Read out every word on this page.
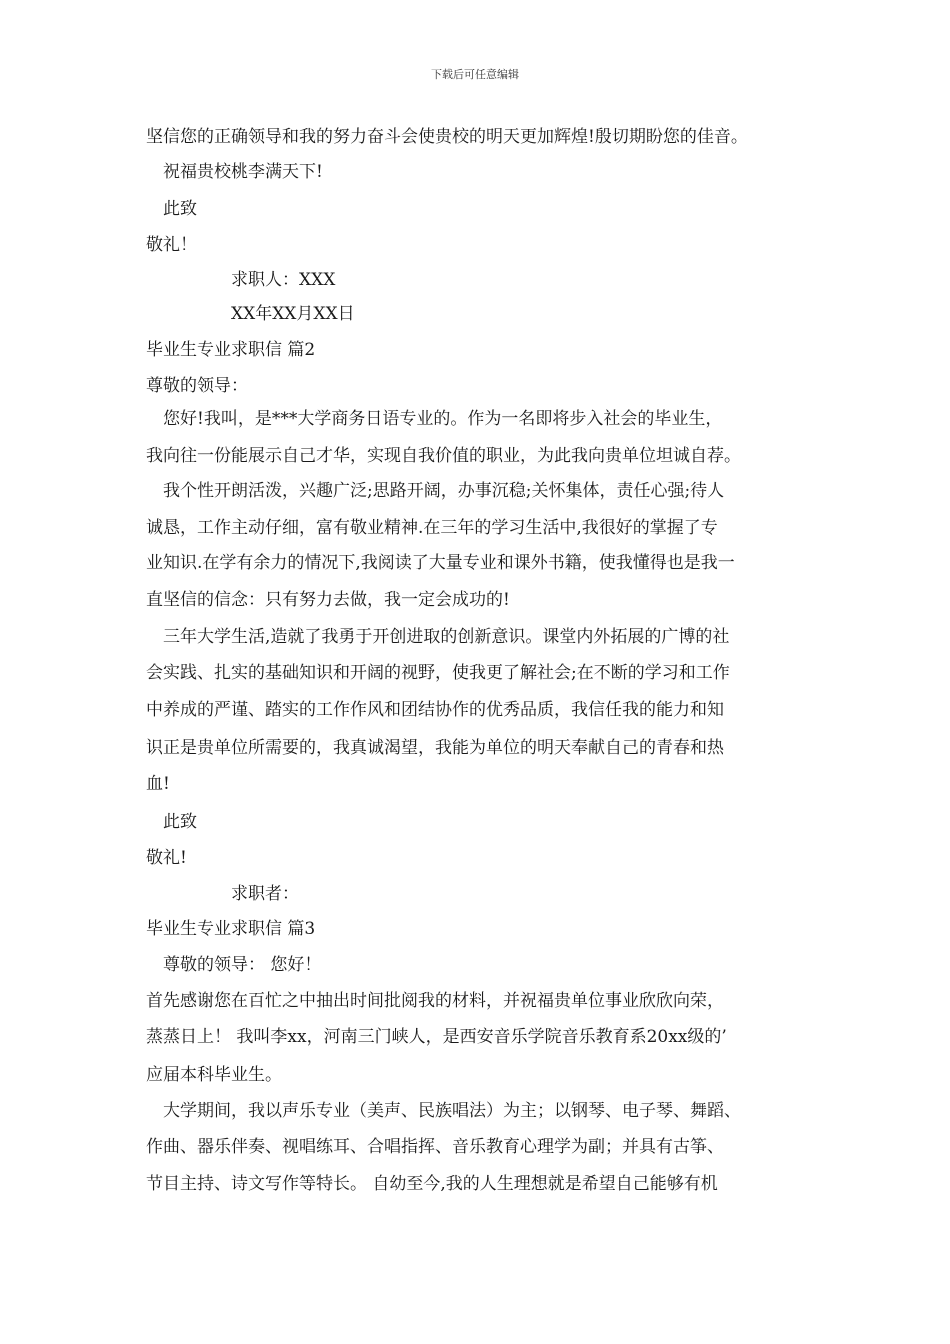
下载后可任意编辑
坚信您的正确领导和我的努力奋斗会使贵校的明天更加辉煌!殷切期盼您的佳音。
祝福贵校桃李满天下!
此致
敬礼！
求职人：XXX
XX年XX月XX日
毕业生专业求职信 篇2
尊敬的领导：
您好!我叫，是***大学商务日语专业的。作为一名即将步入社会的毕业生，
我向往一份能展示自己才华，实现自我价值的职业，为此我向贵单位坦诚自荐。
我个性开朗活泼，兴趣广泛;思路开阔，办事沉稳;关怀集体，责任心强;待人
诚恳，工作主动仔细，富有敬业精神.在三年的学习生活中,我很好的掌握了专
业知识.在学有余力的情况下,我阅读了大量专业和课外书籍，使我懂得也是我一
直坚信的信念：只有努力去做，我一定会成功的!
三年大学生活,造就了我勇于开创进取的创新意识。课堂内外拓展的广博的社
会实践、扎实的基础知识和开阔的视野，使我更了解社会;在不断的学习和工作
中养成的严谨、踏实的工作作风和团结协作的优秀品质，我信任我的能力和知
识正是贵单位所需要的，我真诚渴望，我能为单位的明天奉献自己的青春和热
血!
此致
敬礼!
求职者：
毕业生专业求职信 篇3
尊敬的领导： 您好！
首先感谢您在百忙之中抽出时间批阅我的材料，并祝福贵单位事业欣欣向荣，
蒸蒸日上！ 我叫李xx，河南三门峡人，是西安音乐学院音乐教育系20xx级的’
应届本科毕业生。
大学期间，我以声乐专业（美声、民族唱法）为主；以钢琴、电子琴、舞蹈、
作曲、器乐伴奏、视唱练耳、合唱指挥、音乐教育心理学为副；并具有古筝、
节目主持、诗文写作等特长。 自幼至今,我的人生理想就是希望自己能够有机
